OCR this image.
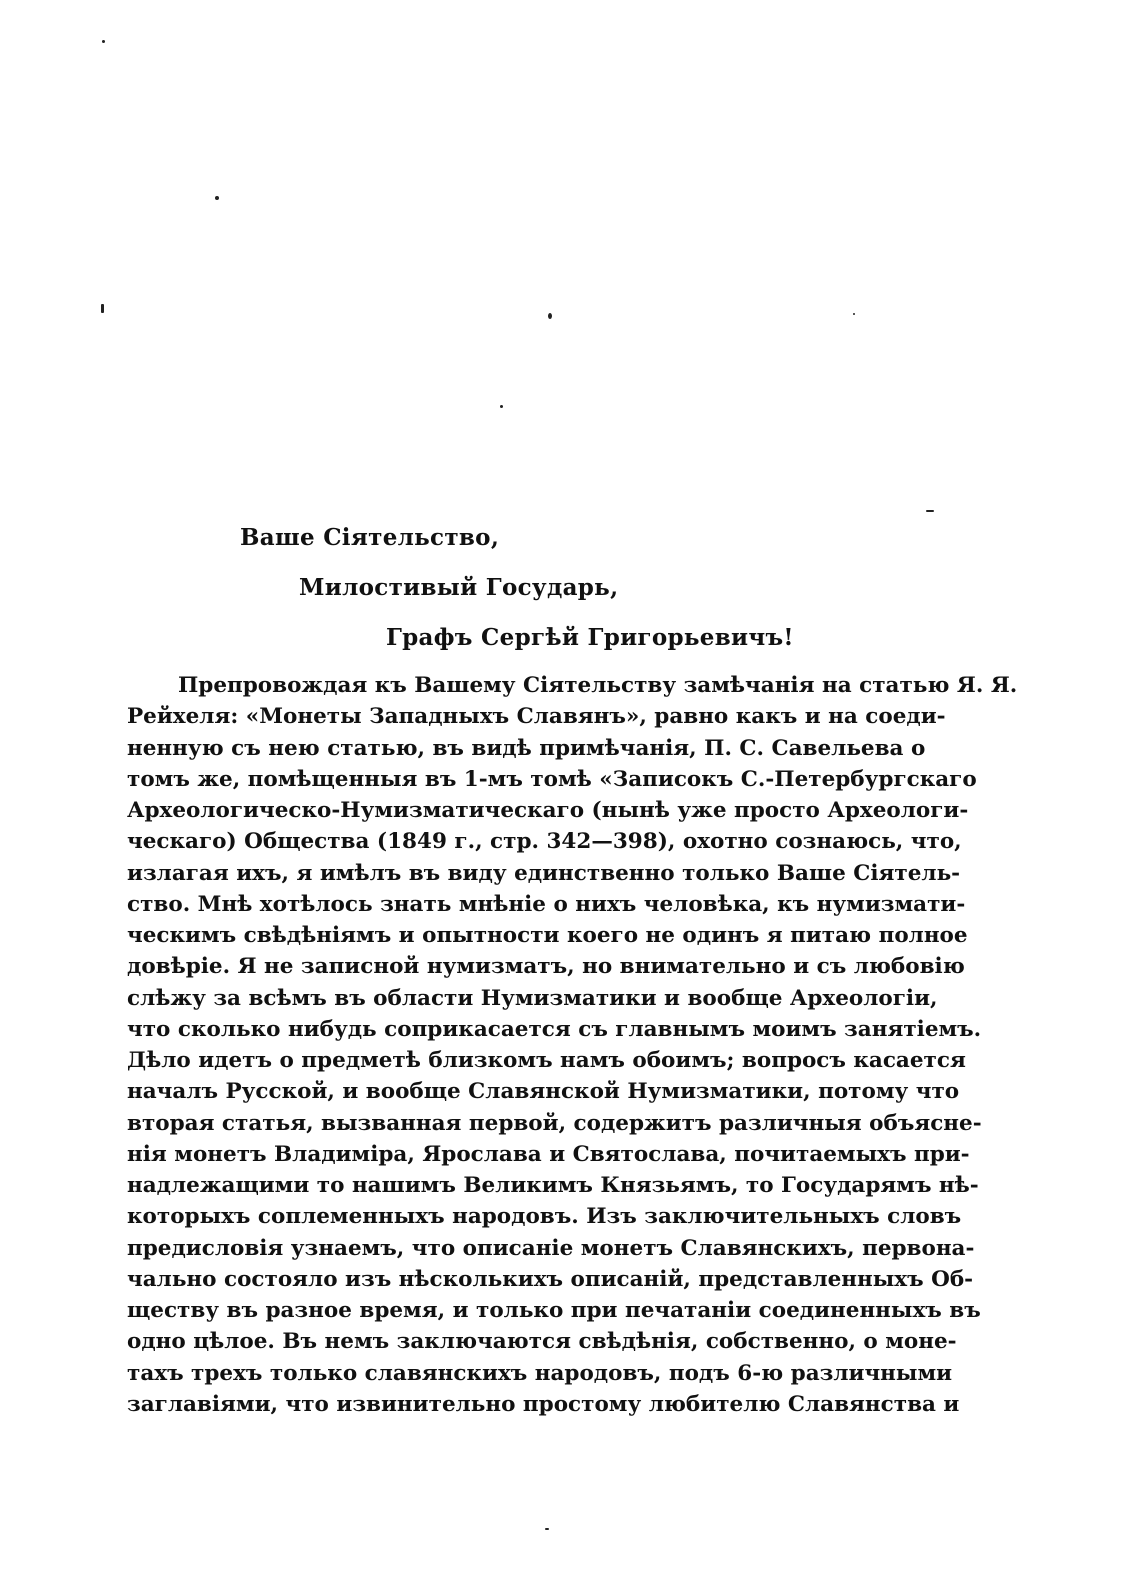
Ваше Сіятельство,
Милостивый Государь,
Графъ Сергѣй Григорьевичъ!
Препровождая къ Вашему Сіятельству замѣчанія на статью Я. Я.
Рейхеля: «Монеты Западныхъ Славянъ», равно какъ и на соеди-
ненную съ нею статью, въ видѣ примѣчанія, П. С. Савельева о
томъ же, помѣщенныя въ 1-мъ томѣ «Записокъ С.-Петербургскаго
Археологическо-Нумизматическаго (нынѣ уже просто Археологи-
ческаго) Общества (1849 г., стр. 342—398), охотно сознаюсь, что,
излагая ихъ, я имѣлъ въ виду единственно только Ваше Сіятель-
ство. Мнѣ хотѣлось знать мнѣніе о нихъ человѣка, къ нумизмати-
ческимъ свѣдѣніямъ и опытности коего не одинъ я питаю полное
довѣріе. Я не записной нумизматъ, но внимательно и съ любовію
слѣжу за всѣмъ въ области Нумизматики и вообще Археологіи,
что сколько нибудь соприкасается съ главнымъ моимъ занятіемъ.
Дѣло идетъ о предметѣ близкомъ намъ обоимъ; вопросъ касается
началъ Русской, и вообще Славянской Нумизматики, потому что
вторая статья, вызванная первой, содержитъ различныя объясне-
нія монетъ Владиміра, Ярослава и Святослава, почитаемыхъ при-
надлежащими то нашимъ Великимъ Князьямъ, то Государямъ нѣ-
которыхъ соплеменныхъ народовъ. Изъ заключительныхъ словъ
предисловія узнаемъ, что описаніе монетъ Славянскихъ, первона-
чально состояло изъ нѣсколькихъ описаній, представленныхъ Об-
ществу въ разное время, и только при печатаніи соединенныхъ въ
одно цѣлое. Въ немъ заключаются свѣдѣнія, собственно, о моне-
тахъ трехъ только славянскихъ народовъ, подъ 6-ю различными
заглавіями, что извинительно простому любителю Славянства и
